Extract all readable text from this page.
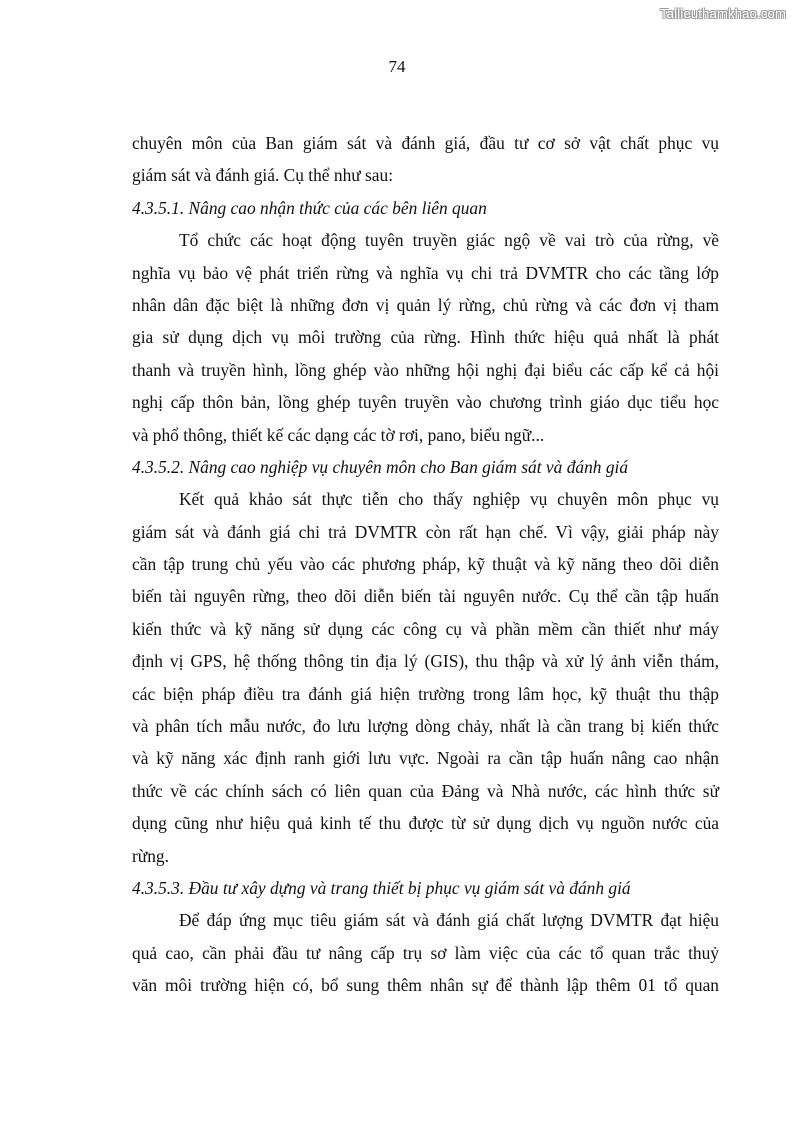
Tailieuthamkhao.com
74
chuyên môn của Ban giám sát và đánh giá, đầu tư cơ sở vật chất phục vụ
giám sát và đánh giá. Cụ thể như sau:
4.3.5.1. Nâng cao nhận thức của các bên liên quan
Tổ chức các hoạt động tuyên truyền giác ngộ về vai trò của rừng, về
nghĩa vụ bảo vệ phát triển rừng và nghĩa vụ chi trả DVMTR cho các tầng lớp
nhân dân đặc biệt là những đơn vị quản lý rừng, chủ rừng và các đơn vị tham
gia sử dụng dịch vụ môi trường của rừng. Hình thức hiệu quả nhất là phát
thanh và truyền hình, lồng ghép vào những hội nghị đại biểu các cấp kể cả hội
nghị cấp thôn bản, lồng ghép tuyên truyền vào chương trình giáo dục tiểu học
và phổ thông, thiết kế các dạng các tờ rơi, pano, biểu ngữ...
4.3.5.2. Nâng cao nghiệp vụ chuyên môn cho Ban giám sát và đánh giá
Kết quả khảo sát thực tiễn cho thấy nghiệp vụ chuyên môn phục vụ
giám sát và đánh giá chi trả DVMTR còn rất hạn chế. Vì vậy, giải pháp này
cần tập trung chủ yếu vào các phương pháp, kỹ thuật và kỹ năng theo dõi diễn
biến tài nguyên rừng, theo dõi diễn biến tài nguyên nước. Cụ thể cần tập huấn
kiến thức và kỹ năng sử dụng các công cụ và phần mềm cần thiết như máy
định vị GPS, hệ thống thông tin địa lý (GIS), thu thập và xử lý ảnh viễn thám,
các biện pháp điều tra đánh giá hiện trường trong lâm học, kỹ thuật thu thập
và phân tích mẫu nước, đo lưu lượng dòng chảy, nhất là cần trang bị kiến thức
và kỹ năng xác định ranh giới lưu vực. Ngoài ra cần tập huấn nâng cao nhận
thức về các chính sách có liên quan của Đảng và Nhà nước, các hình thức sử
dụng cũng như hiệu quả kinh tế thu được từ sử dụng dịch vụ nguồn nước của
rừng.
4.3.5.3. Đầu tư xây dựng và trang thiết bị phục vụ giám sát và đánh giá
Để đáp ứng mục tiêu giám sát và đánh giá chất lượng DVMTR đạt hiệu
quả cao, cần phải đầu tư nâng cấp trụ sơ làm việc của các tổ quan trắc thuỷ
văn môi trường hiện có, bổ sung thêm nhân sự để thành lập thêm 01 tổ quan
